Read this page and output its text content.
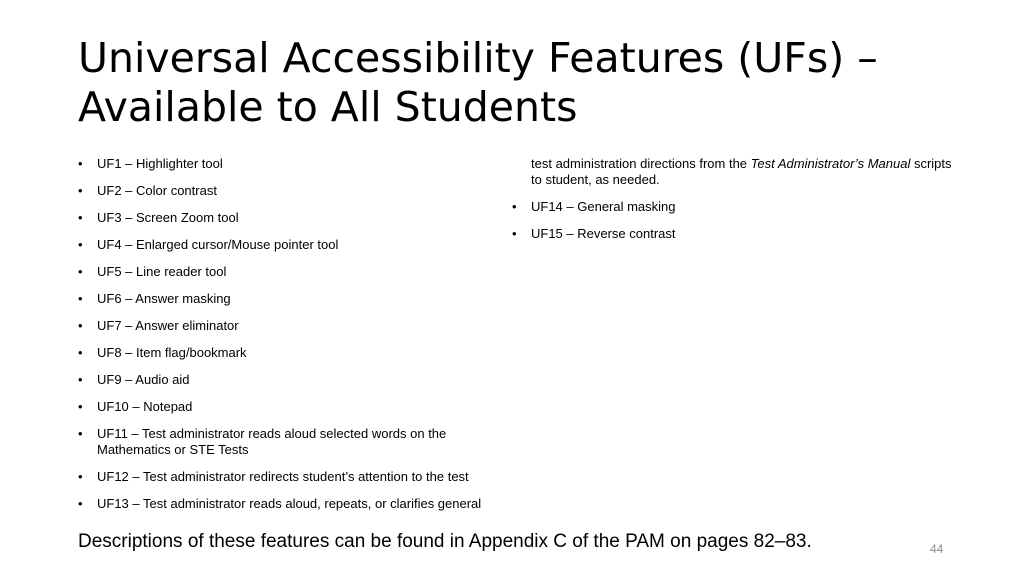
Universal Accessibility Features (UFs) –
Available to All Students
• UF1 – Highlighter tool
• UF2 – Color contrast
• UF3 – Screen Zoom tool
• UF4 – Enlarged cursor/Mouse pointer tool
• UF5 – Line reader tool
• UF6 – Answer masking
• UF7 – Answer eliminator
• UF8 – Item flag/bookmark
• UF9 – Audio aid
• UF10 – Notepad
• UF11 – Test administrator reads aloud selected words on the Mathematics or STE Tests
• UF12 – Test administrator redirects student’s attention to the test
• UF13 – Test administrator reads aloud, repeats, or clarifies general
test administration directions from the Test Administrator’s Manual scripts to student, as needed.
• UF14 – General masking
• UF15 – Reverse contrast

Descriptions of these features can be found in Appendix C of the PAM on pages 82–83.	44
